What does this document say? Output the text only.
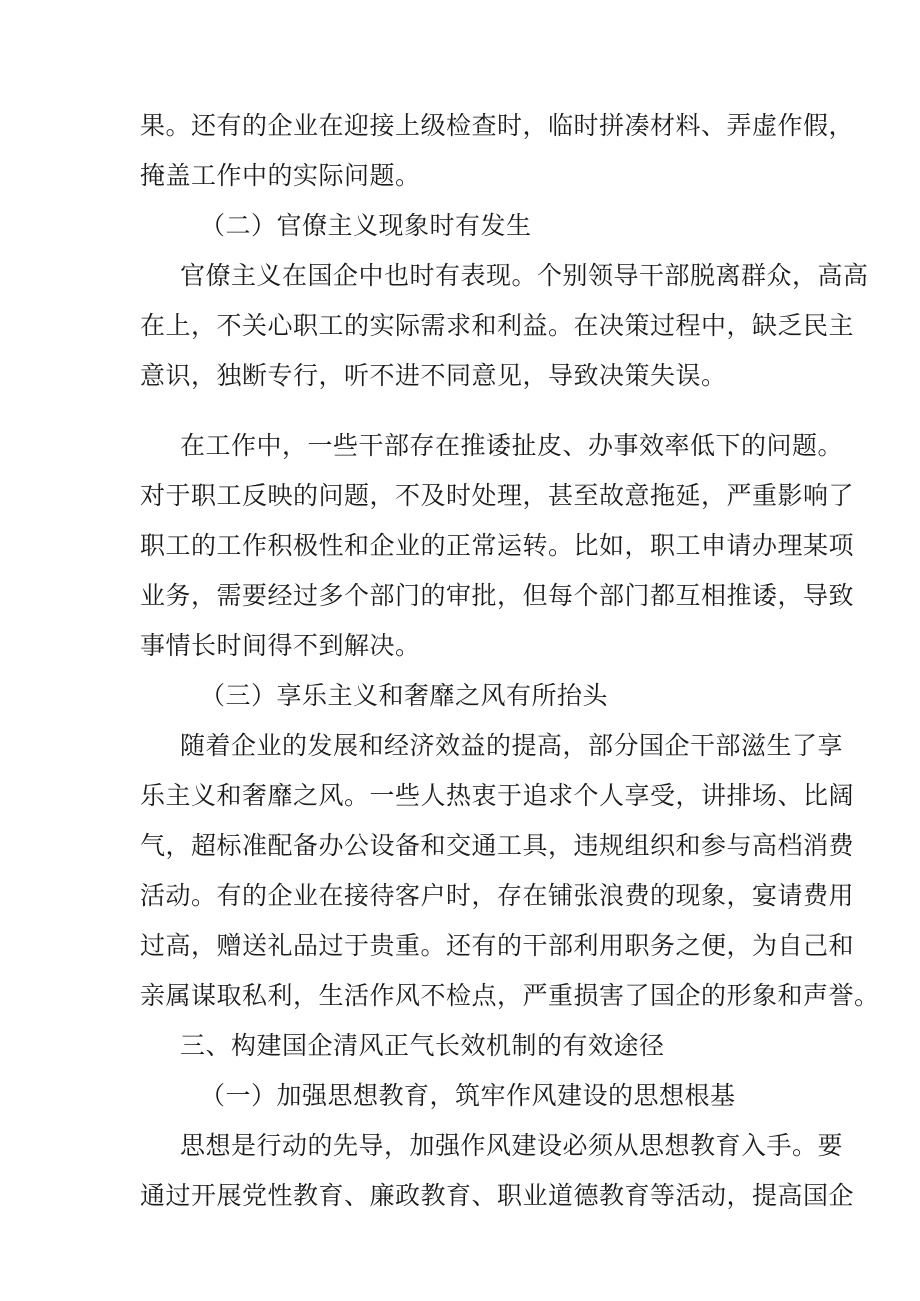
果。还有的企业在迎接上级检查时，临时拼凑材料、弄虚作假，
掩盖工作中的实际问题。
（二）官僚主义现象时有发生
官僚主义在国企中也时有表现。个别领导干部脱离群众，高高
在上，不关心职工的实际需求和利益。在决策过程中，缺乏民主
意识，独断专行，听不进不同意见，导致决策失误。
在工作中，一些干部存在推诿扯皮、办事效率低下的问题。
对于职工反映的问题，不及时处理，甚至故意拖延，严重影响了
职工的工作积极性和企业的正常运转。比如，职工申请办理某项
业务，需要经过多个部门的审批，但每个部门都互相推诿，导致
事情长时间得不到解决。
（三）享乐主义和奢靡之风有所抬头
随着企业的发展和经济效益的提高，部分国企干部滋生了享
乐主义和奢靡之风。一些人热衷于追求个人享受，讲排场、比阔
气，超标准配备办公设备和交通工具，违规组织和参与高档消费
活动。有的企业在接待客户时，存在铺张浪费的现象，宴请费用
过高，赠送礼品过于贵重。还有的干部利用职务之便，为自己和
亲属谋取私利，生活作风不检点，严重损害了国企的形象和声誉。
三、构建国企清风正气长效机制的有效途径
（一）加强思想教育，筑牢作风建设的思想根基
思想是行动的先导，加强作风建设必须从思想教育入手。要
通过开展党性教育、廉政教育、职业道德教育等活动，提高国企
